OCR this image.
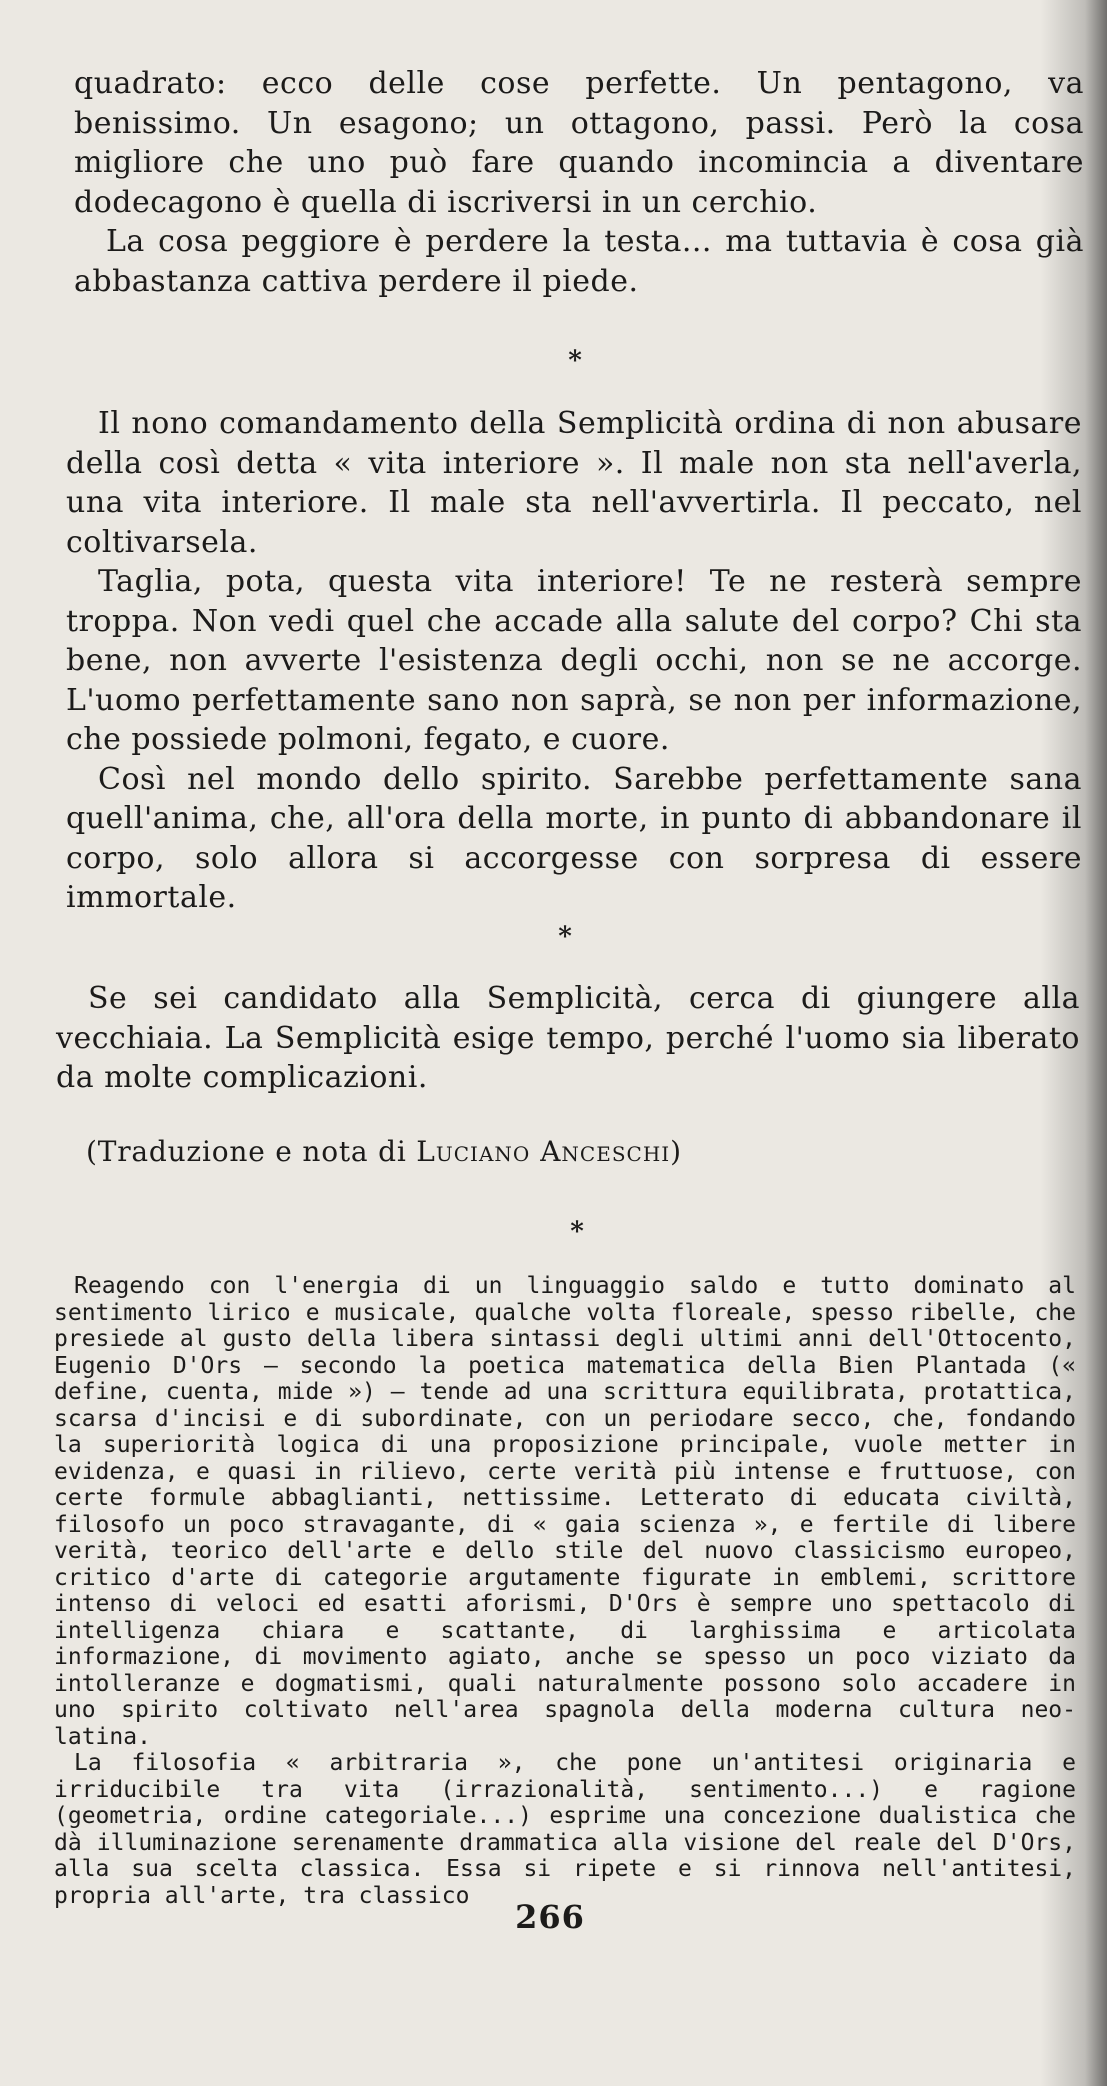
quadrato: ecco delle cose perfette. Un pentagono, va benissimo. Un esagono; un ottagono, passi. Però la cosa migliore che uno può fare quando incomincia a diventare dodecagono è quella di iscriversi in un cerchio.

La cosa peggiore è perdere la testa... ma tuttavia è cosa già abbastanza cattiva perdere il piede.

*

Il nono comandamento della Semplicità ordina di non abusare della così detta « vita interiore ». Il male non sta nell'averla, una vita interiore. Il male sta nell'avvertirla. Il peccato, nel coltivarsela.

Taglia, pota, questa vita interiore! Te ne resterà sempre troppa. Non vedi quel che accade alla salute del corpo? Chi sta bene, non avverte l'esistenza degli occhi, non se ne accorge. L'uomo perfettamente sano non saprà, se non per informazione, che possiede polmoni, fegato, e cuore.

Così nel mondo dello spirito. Sarebbe perfettamente sana quell'anima, che, all'ora della morte, in punto di abbandonare il corpo, solo allora si accorgesse con sorpresa di essere immortale.

*

Se sei candidato alla Semplicità, cerca di giungere alla vecchiaia. La Semplicità esige tempo, perché l'uomo sia liberato da molte complicazioni.

(Traduzione e nota di Luciano Anceschi)
*

Reagendo con l'energia di un linguaggio saldo e tutto dominato al sentimento lirico e musicale, qualche volta floreale, spesso ribelle, che presiede al gusto della libera sintassi degli ultimi anni dell'Ottocento, Eugenio D'Ors — secondo la poetica matematica della Bien Plantada (« define, cuenta, mide ») — tende ad una scrittura equilibrata, protattica, scarsa d'incisi e di subordinate, con un periodare secco, che, fondando la superiorità logica di una proposizione principale, vuole metter in evidenza, e quasi in rilievo, certe verità più intense e fruttuose, con certe formule abbaglianti, nettissime. Letterato di educata civiltà, filosofo un poco stravagante, di « gaia scienza », e fertile di libere verità, teorico dell'arte e dello stile del nuovo classicismo europeo, critico d'arte di categorie argutamente figurate in emblemi, scrittore intenso di veloci ed esatti aforismi, D'Ors è sempre uno spettacolo di intelligenza chiara e scattante, di larghissima e articolata informazione, di movimento agiato, anche se spesso un poco viziato da intolleranze e dogmatismi, quali naturalmente possono solo accadere in uno spirito coltivato nell'area spagnola della moderna cultura neo-latina.

La filosofia « arbitraria », che pone un'antitesi originaria e irriducibile tra vita (irrazionalità, sentimento...) e ragione (geometria, ordine categoriale...) esprime una concezione dualistica che dà illuminazione serenamente drammatica alla visione del reale del D'Ors, alla sua scelta classica. Essa si ripete e si rinnova nell'antitesi, propria all'arte, tra classico

266
